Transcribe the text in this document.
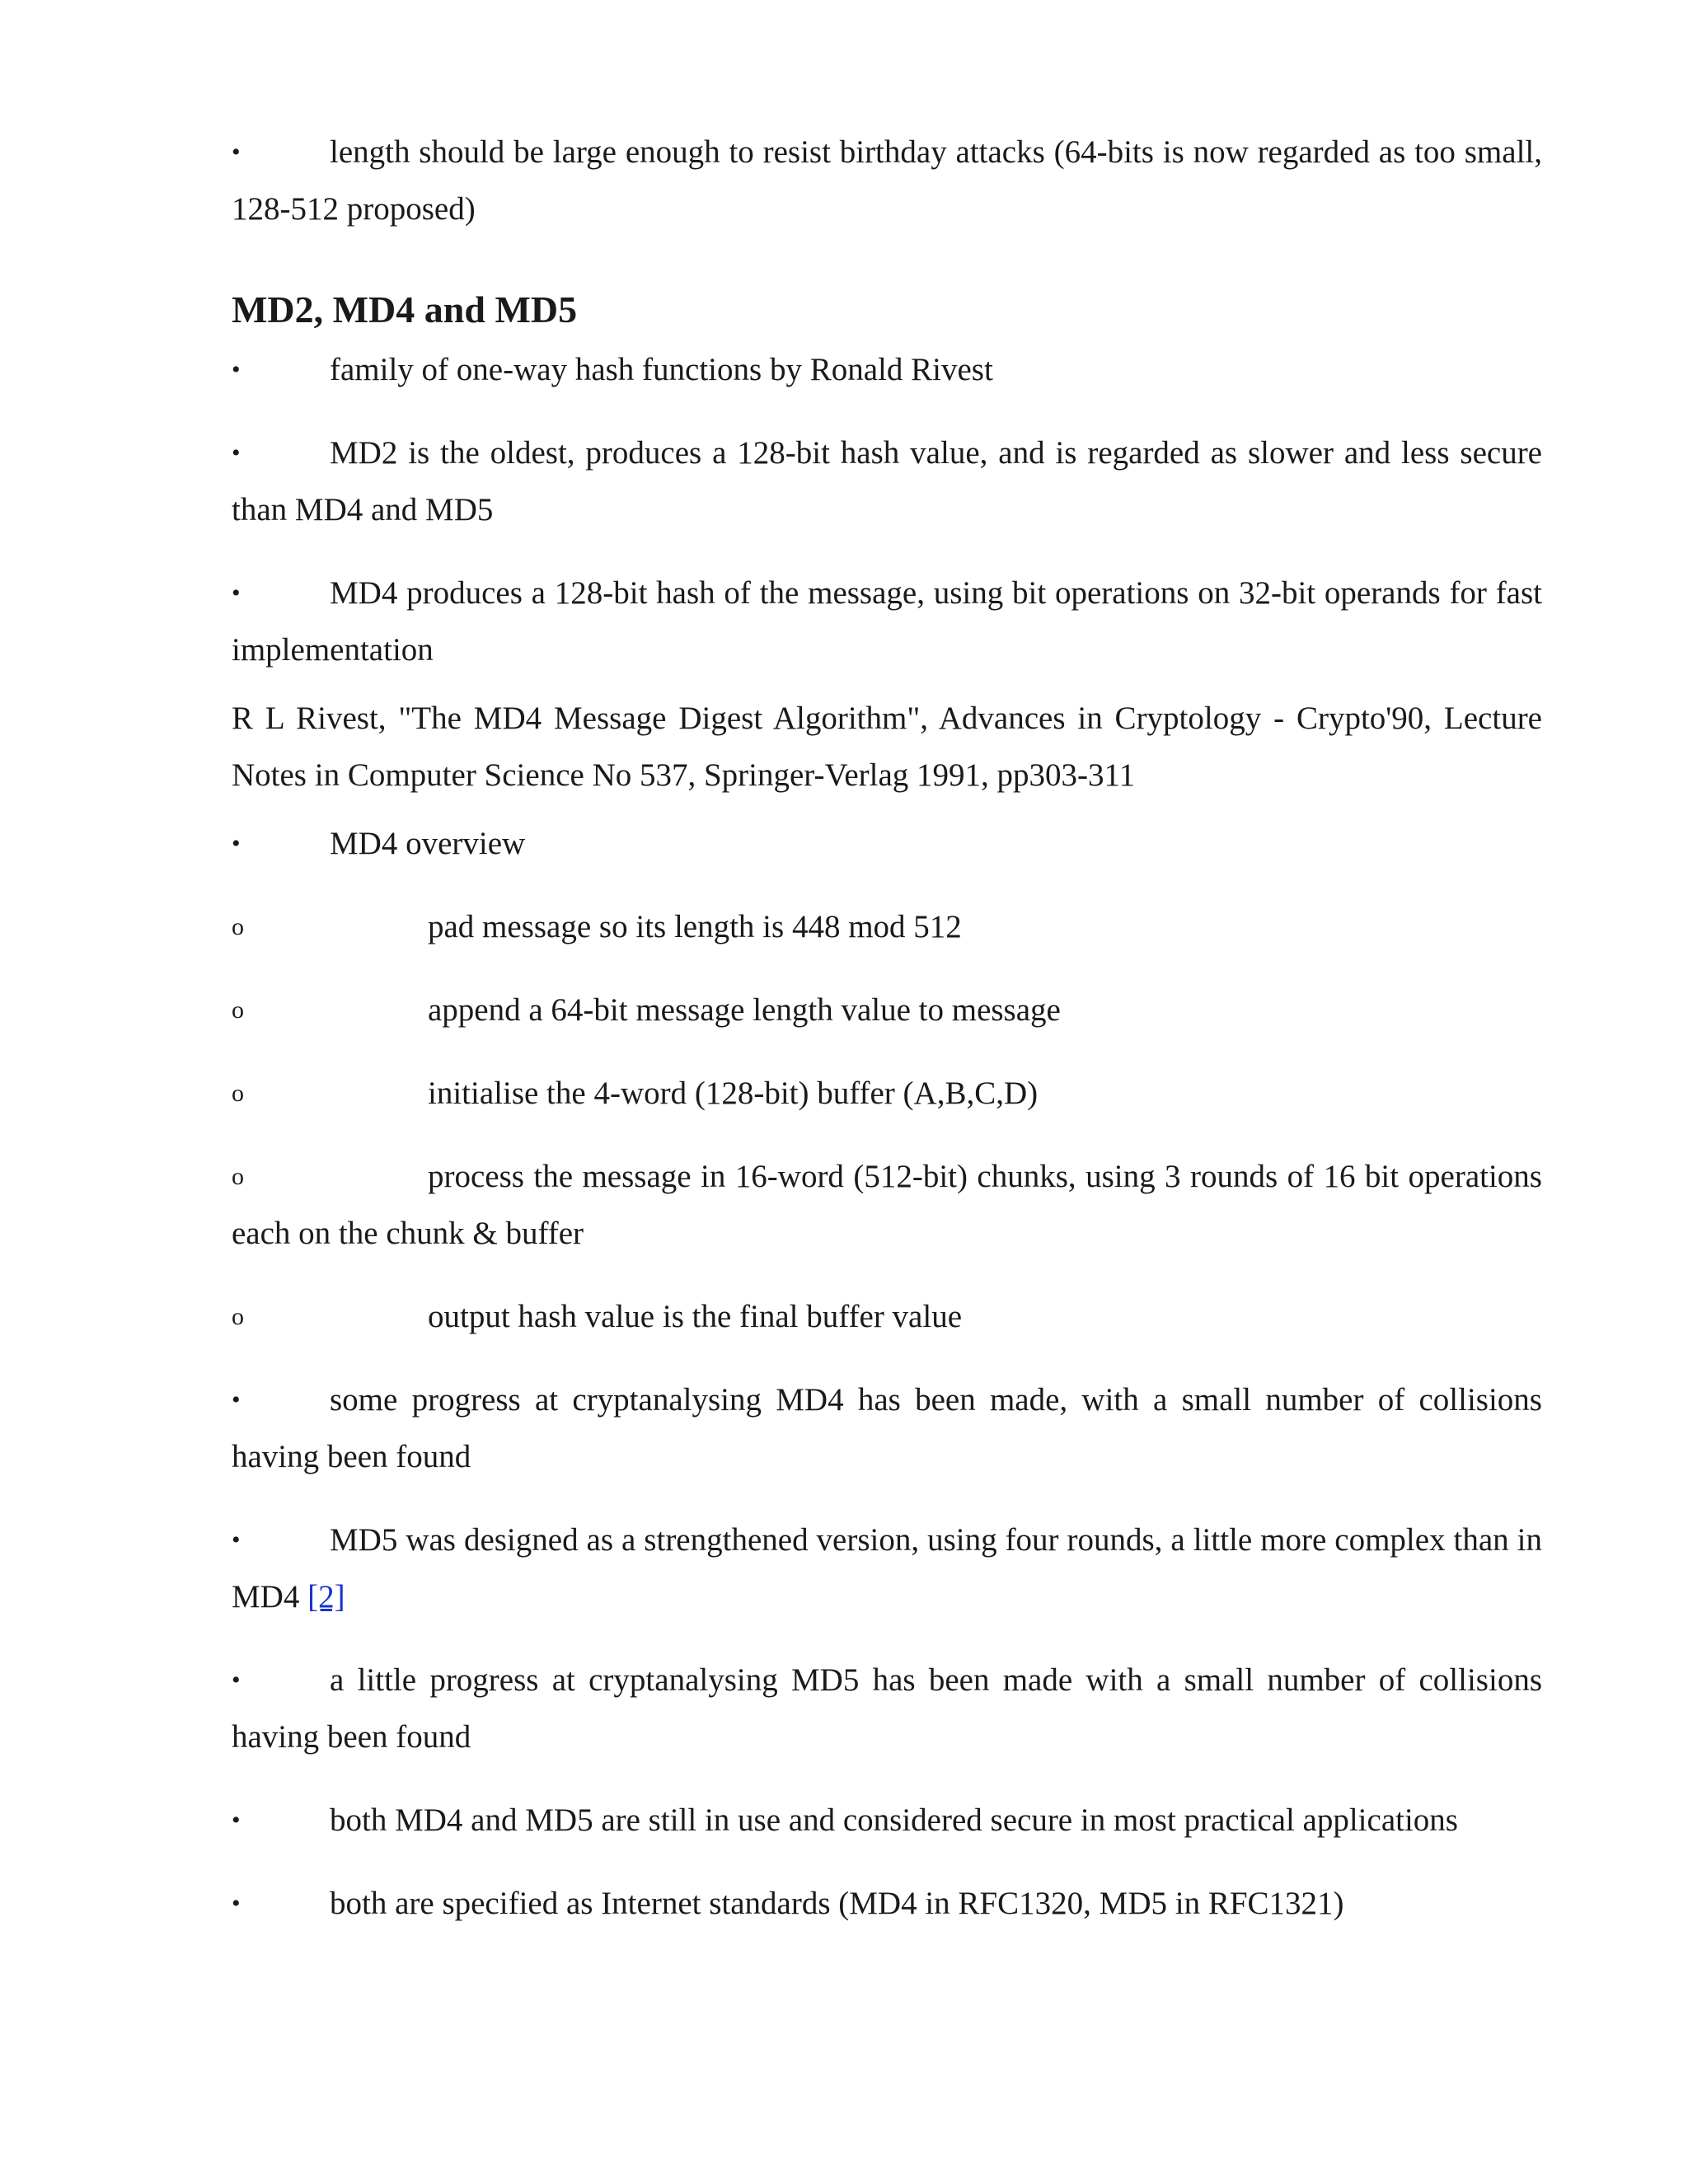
•	length should be large enough to resist birthday attacks (64-bits is now regarded as too small, 128-512 proposed)
MD2, MD4 and MD5
•	family of one-way hash functions by Ronald Rivest
•	MD2 is the oldest, produces a 128-bit hash value, and is regarded as slower and less secure than MD4 and MD5
•	MD4 produces a 128-bit hash of the message, using bit operations on 32-bit operands for fast implementation
R L Rivest, "The MD4 Message Digest Algorithm", Advances in Cryptology - Crypto'90, Lecture Notes in Computer Science No 537, Springer-Verlag 1991, pp303-311
•	MD4 overview
o	pad message so its length is 448 mod 512
o	append a 64-bit message length value to message
o	initialise the 4-word (128-bit) buffer (A,B,C,D)
o	process the message in 16-word (512-bit) chunks, using 3 rounds of 16 bit operations each on the chunk & buffer
o	output hash value is the final buffer value
•	some progress at cryptanalysing MD4 has been made, with a small number of collisions having been found
•	MD5 was designed as a strengthened version, using four rounds, a little more complex than in MD4 [2]
•	a little progress at cryptanalysing MD5 has been made with a small number of collisions having been found
•	both MD4 and MD5 are still in use and considered secure in most practical applications
•	both are specified as Internet standards (MD4 in RFC1320, MD5 in RFC1321)
